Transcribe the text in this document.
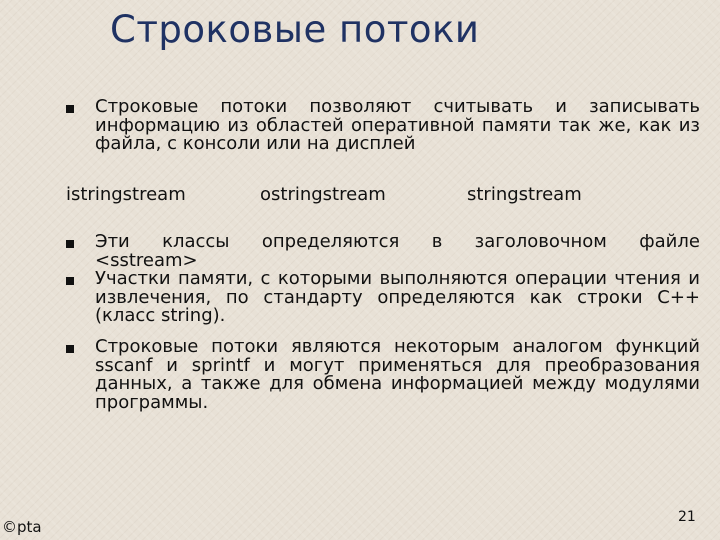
Строковые потоки
Строковые потоки позволяют считывать и записывать информацию из областей оперативной памяти так же, как из файла, с консоли или на дисплей
istringstream	ostringstream	stringstream
Эти классы определяются в заголовочном файле
<sstream>
Участки памяти, с которыми выполняются операции чтения и извлечения, по стандарту определяются как строки C++ (класс string).
Строковые потоки являются некоторым аналогом функций sscanf и sprintf и могут применяться для преобразования данных, а также для обмена информацией между модулями программы.
©pta
21
